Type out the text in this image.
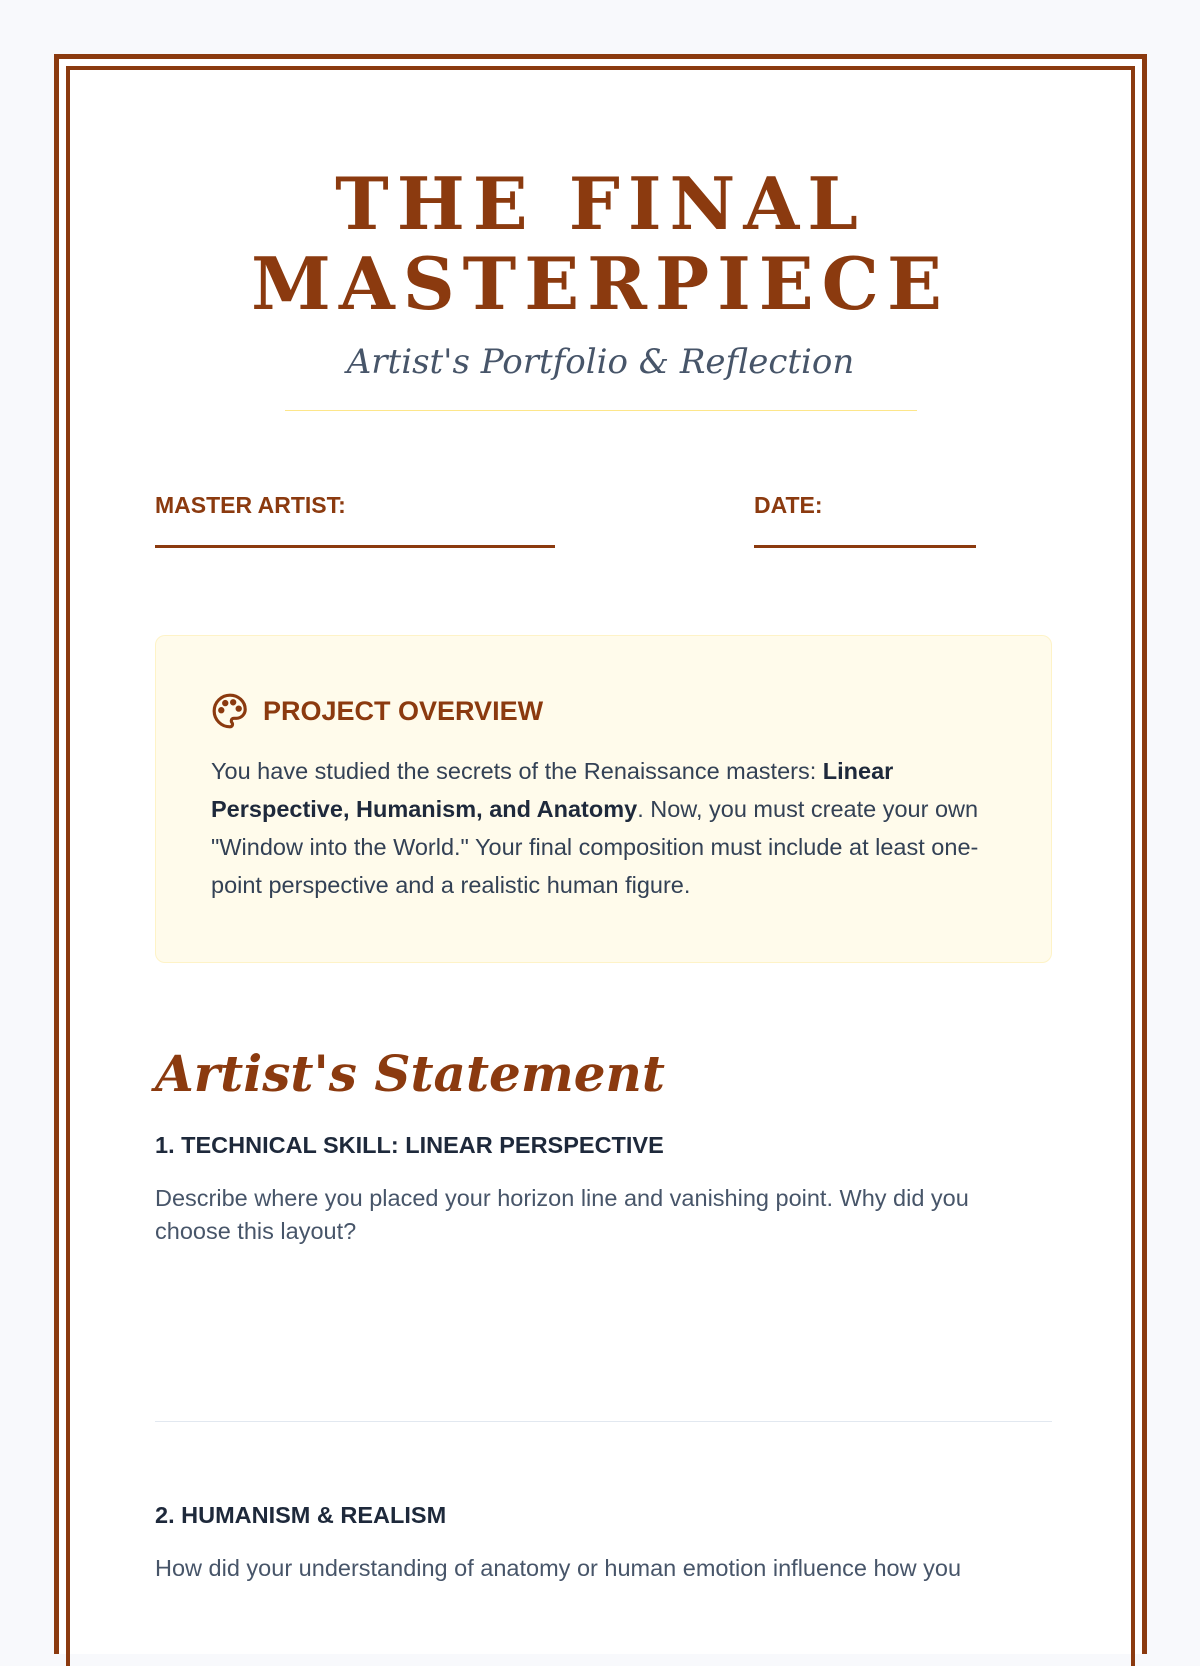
THE FINAL
MASTERPIECE
Artist's Portfolio & Reflection
MASTER ARTIST:	DATE:
PROJECT OVERVIEW

You have studied the secrets of the Renaissance masters: Linear Perspective, Humanism, and Anatomy. Now, you must create your own "Window into the World." Your final composition must include at least one-point perspective and a realistic human figure.

Artist's Statement
1. TECHNICAL SKILL: LINEAR PERSPECTIVE

Describe where you placed your horizon line and vanishing point. Why did you choose this layout?

2. HUMANISM & REALISM

How did your understanding of anatomy or human emotion influence how you
